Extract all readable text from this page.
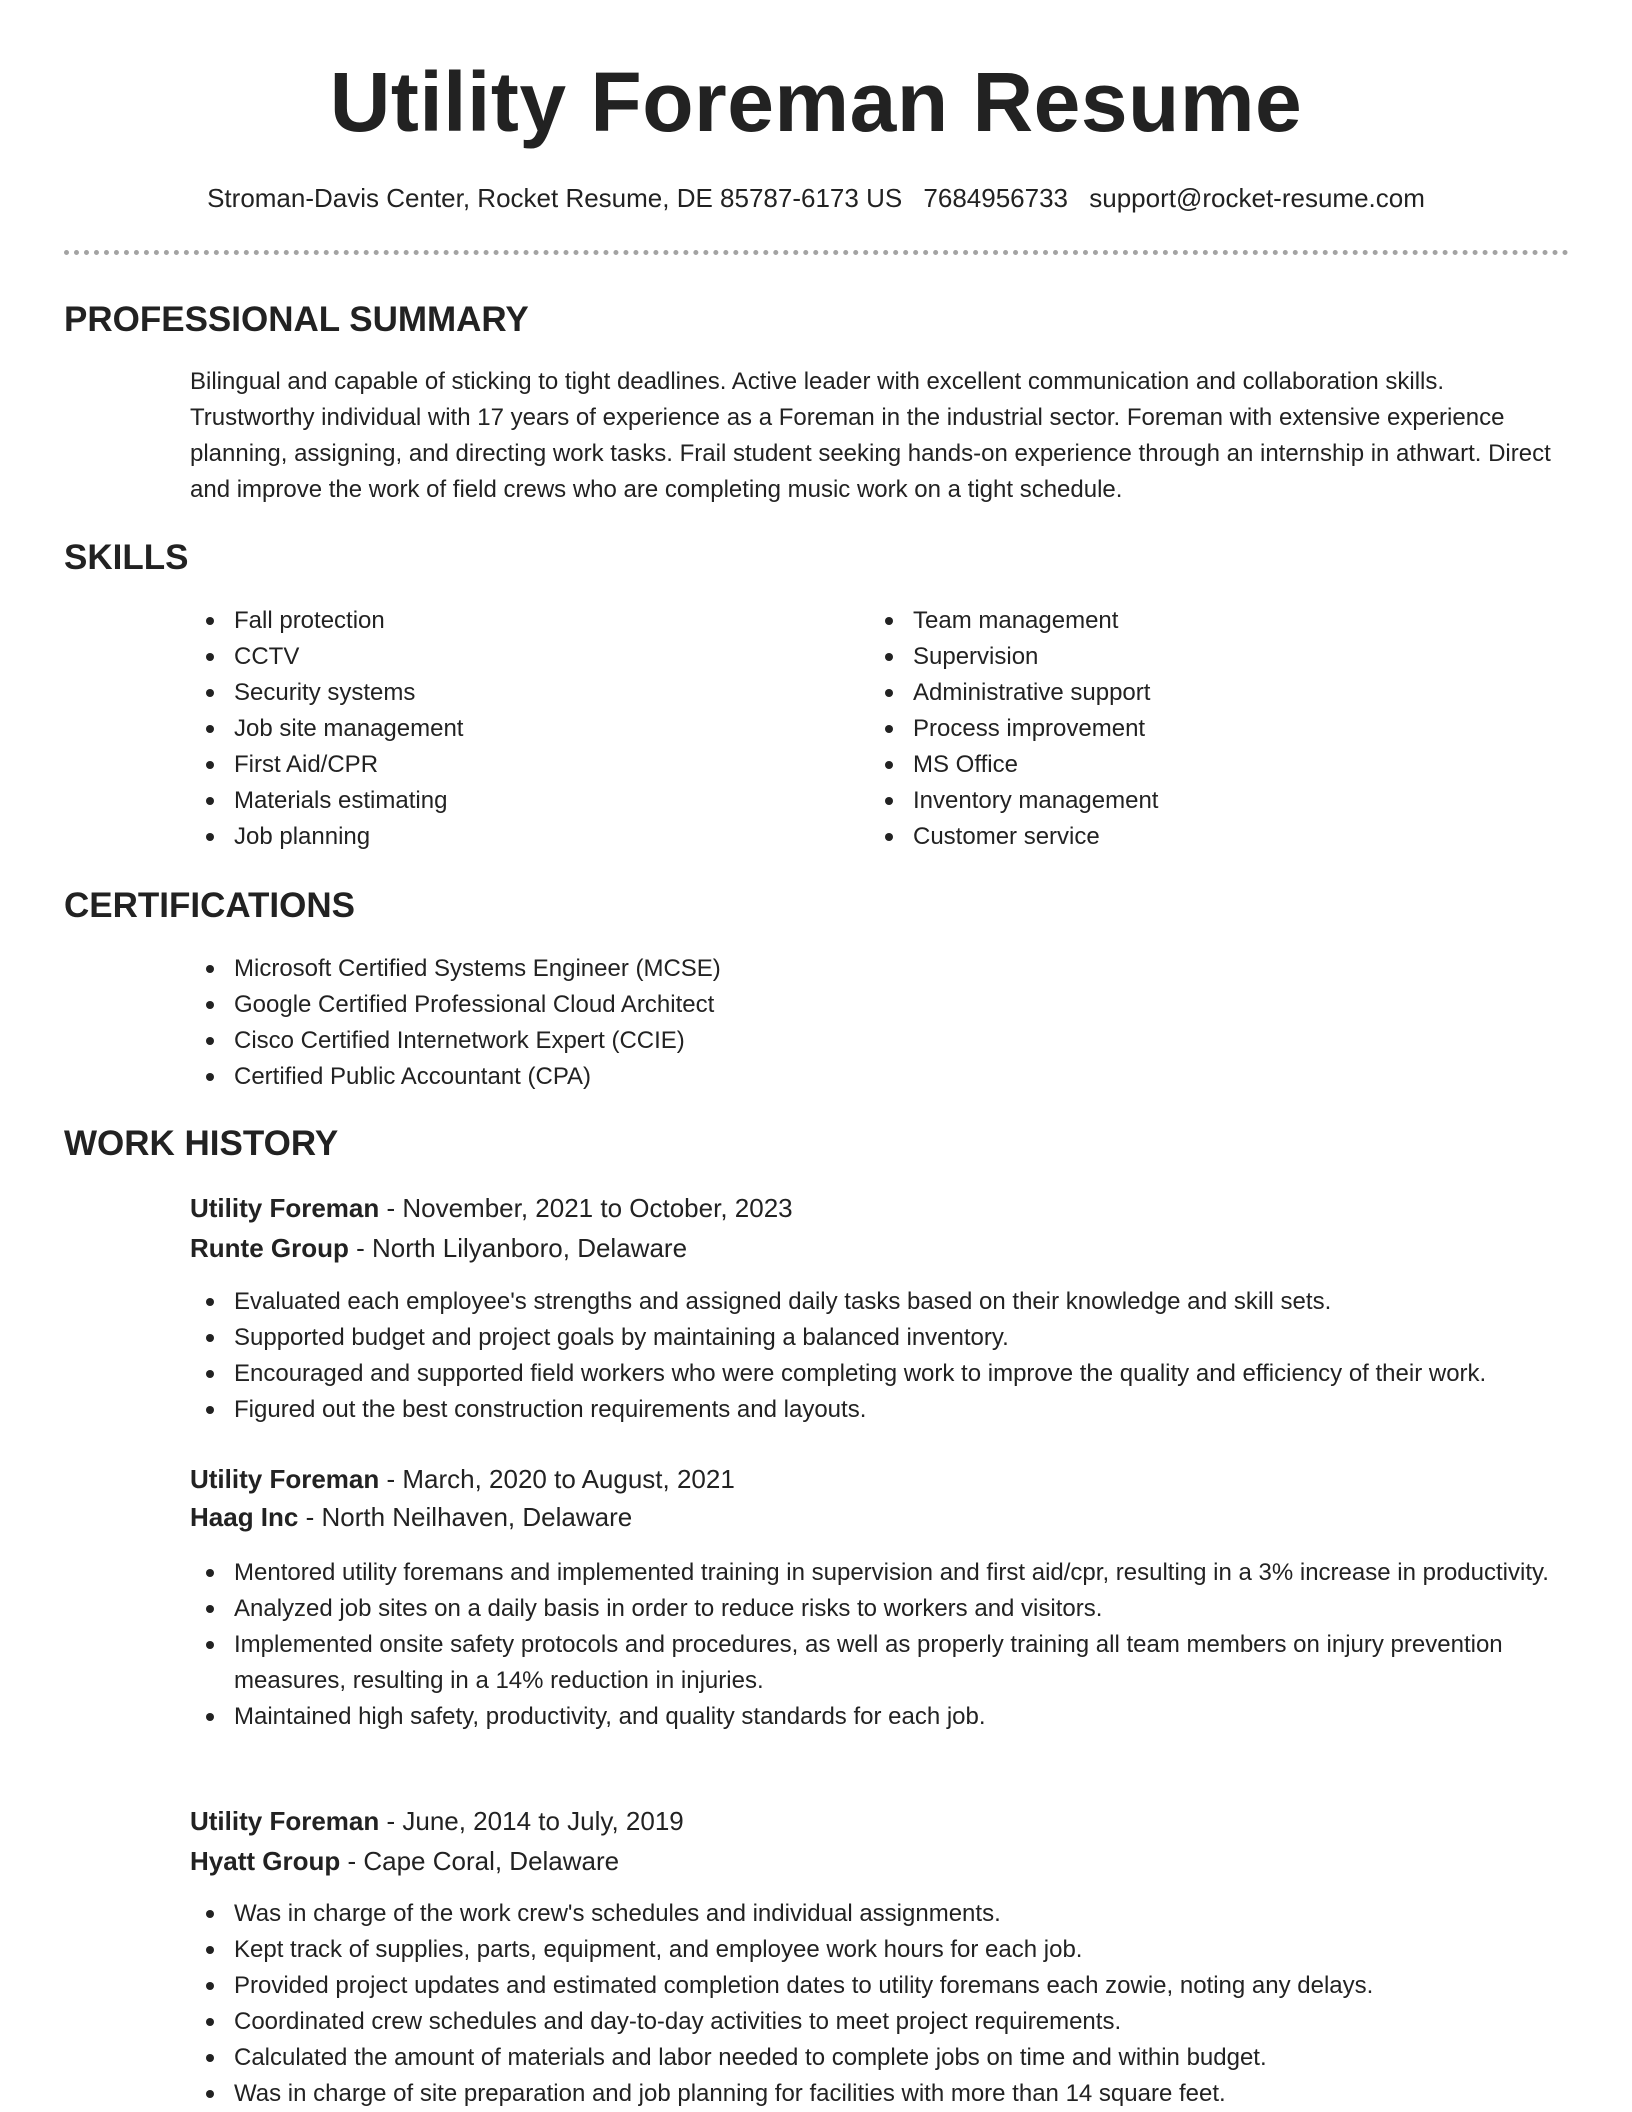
Utility Foreman Resume
Stroman-Davis Center, Rocket Resume, DE 85787-6173 US 7684956733 support@rocket-resume.com
PROFESSIONAL SUMMARY

Bilingual and capable of sticking to tight deadlines. Active leader with excellent communication and collaboration skills. Trustworthy individual with 17 years of experience as a Foreman in the industrial sector. Foreman with extensive experience planning, assigning, and directing work tasks. Frail student seeking hands-on experience through an internship in athwart. Direct and improve the work of field crews who are completing music work on a tight schedule.

SKILLS
Fall protection
CCTV
Security systems
Job site management
First Aid/CPR
Materials estimating
Job planning
Team management
Supervision
Administrative support
Process improvement
MS Office
Inventory management
Customer service
CERTIFICATIONS
Microsoft Certified Systems Engineer (MCSE)
Google Certified Professional Cloud Architect
Cisco Certified Internetwork Expert (CCIE)
Certified Public Accountant (CPA)
WORK HISTORY
Utility Foreman - November, 2021 to October, 2023
Runte Group - North Lilyanboro, Delaware
Evaluated each employee's strengths and assigned daily tasks based on their knowledge and skill sets.
Supported budget and project goals by maintaining a balanced inventory.
Encouraged and supported field workers who were completing work to improve the quality and efficiency of their work.
Figured out the best construction requirements and layouts.
Utility Foreman - March, 2020 to August, 2021
Haag Inc - North Neilhaven, Delaware
Mentored utility foremans and implemented training in supervision and first aid/cpr, resulting in a 3% increase in productivity.
Analyzed job sites on a daily basis in order to reduce risks to workers and visitors.
Implemented onsite safety protocols and procedures, as well as properly training all team members on injury prevention measures, resulting in a 14% reduction in injuries.
Maintained high safety, productivity, and quality standards for each job.
Utility Foreman - June, 2014 to July, 2019
Hyatt Group - Cape Coral, Delaware
Was in charge of the work crew's schedules and individual assignments.
Kept track of supplies, parts, equipment, and employee work hours for each job.
Provided project updates and estimated completion dates to utility foremans each zowie, noting any delays.
Coordinated crew schedules and day-to-day activities to meet project requirements.
Calculated the amount of materials and labor needed to complete jobs on time and within budget.
Was in charge of site preparation and job planning for facilities with more than 14 square feet.
